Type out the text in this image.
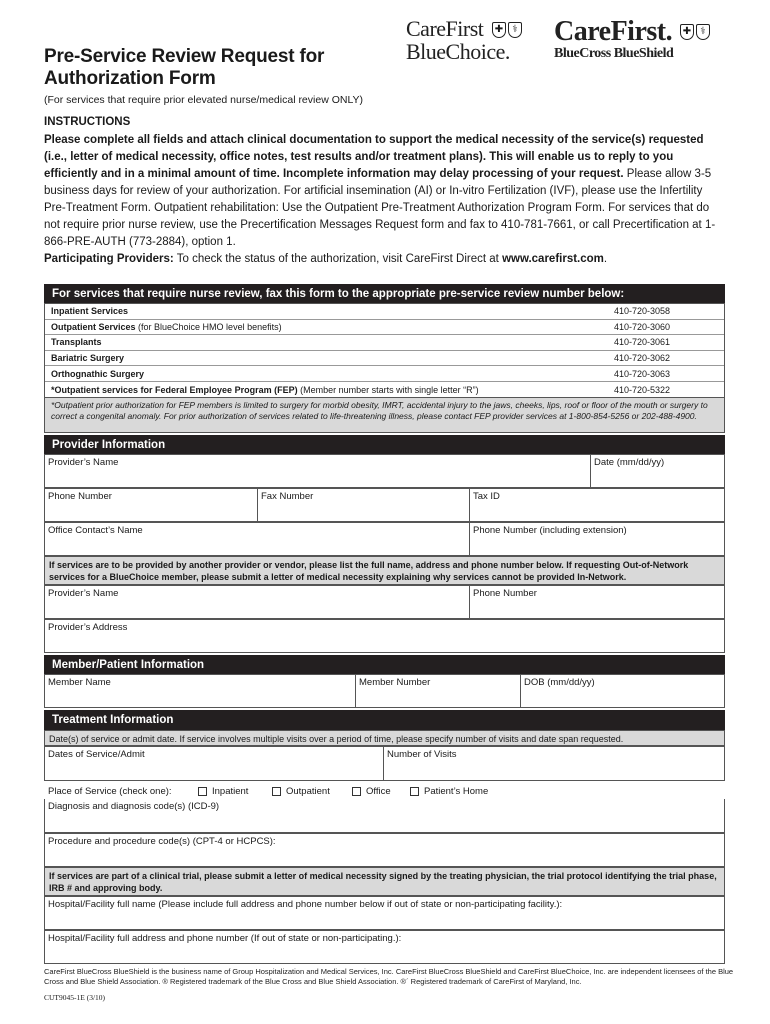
Pre-Service Review Request for Authorization Form
(For services that require prior elevated nurse/medical review ONLY)
CareFirst
BlueChoice.
✚ ⚕ CareFirst.
BlueCross BlueShield
✚ ⚕
INSTRUCTIONS
Please complete all fields and attach clinical documentation to support the medical necessity of the service(s) requested (i.e., letter of medical necessity, office notes, test results and/or treatment plans). This will enable us to reply to you efficiently and in a minimal amount of time. Incomplete information may delay processing of your request. Please allow 3-5 business days for review of your authorization. For artificial insemination (AI) or In-vitro Fertilization (IVF), please use the Infertility Pre-Treatment Form. Outpatient rehabilitation: Use the Outpatient Pre-Treatment Authorization Program Form. For services that do not require prior nurse review, use the Precertification Messages Request form and fax to 410-781-7661, or call Precertification at 1-866-PRE-AUTH (773-2884), option 1.
Participating Providers: To check the status of the authorization, visit CareFirst Direct at www.carefirst.com.
For services that require nurse review, fax this form to the appropriate pre-service review number below:
Inpatient Services	410-720-3058
Outpatient Services (for BlueChoice HMO level benefits)	410-720-3060
Transplants	410-720-3061
Bariatric Surgery	410-720-3062
Orthognathic Surgery	410-720-3063
*Outpatient services for Federal Employee Program (FEP) (Member number starts with single letter “R”)	410-720-5322
*Outpatient prior authorization for FEP members is limited to surgery for morbid obesity, IMRT, accidental injury to the jaws, cheeks, lips, roof or floor of the mouth or surgery to correct a congenital anomaly. For prior authorization of services related to life-threatening illness, please contact FEP provider services at 1-800-854-5256 or 202-488-4900.
Provider Information
Provider’s Name	Date (mm/dd/yy)
Phone Number	Fax Number	Tax ID
Office Contact’s Name	Phone Number (including extension)
If services are to be provided by another provider or vendor, please list the full name, address and phone number below. If requesting Out-of-Network services for a BlueChoice member, please submit a letter of medical necessity explaining why services cannot be provided In-Network.
Provider’s Name	Phone Number
Provider’s Address
Member/Patient Information
Member Name	Member Number	DOB (mm/dd/yy)
Treatment Information
Date(s) of service or admit date. If service involves multiple visits over a period of time, please specify number of visits and date span requested.
Dates of Service/Admit	Number of Visits
Place of Service (check one):	Inpatient	Outpatient	Office	Patient’s Home
Diagnosis and diagnosis code(s) (ICD-9)
Procedure and procedure code(s) (CPT-4 or HCPCS):
If services are part of a clinical trial, please submit a letter of medical necessity signed by the treating physician, the trial protocol identifying the trial phase, IRB # and approving body.
Hospital/Facility full name (Please include full address and phone number below if out of state or non-participating facility.):
Hospital/Facility full address and phone number (If out of state or non-participating.):
CareFirst BlueCross BlueShield is the business name of Group Hospitalization and Medical Services, Inc. CareFirst BlueCross BlueShield and CareFirst BlueChoice, Inc. are independent licensees of the Blue Cross and Blue Shield Association. ® Registered trademark of the Blue Cross and Blue Shield Association. ®´ Registered trademark of CareFirst of Maryland, Inc.
CUT9045-1E (3/10)
